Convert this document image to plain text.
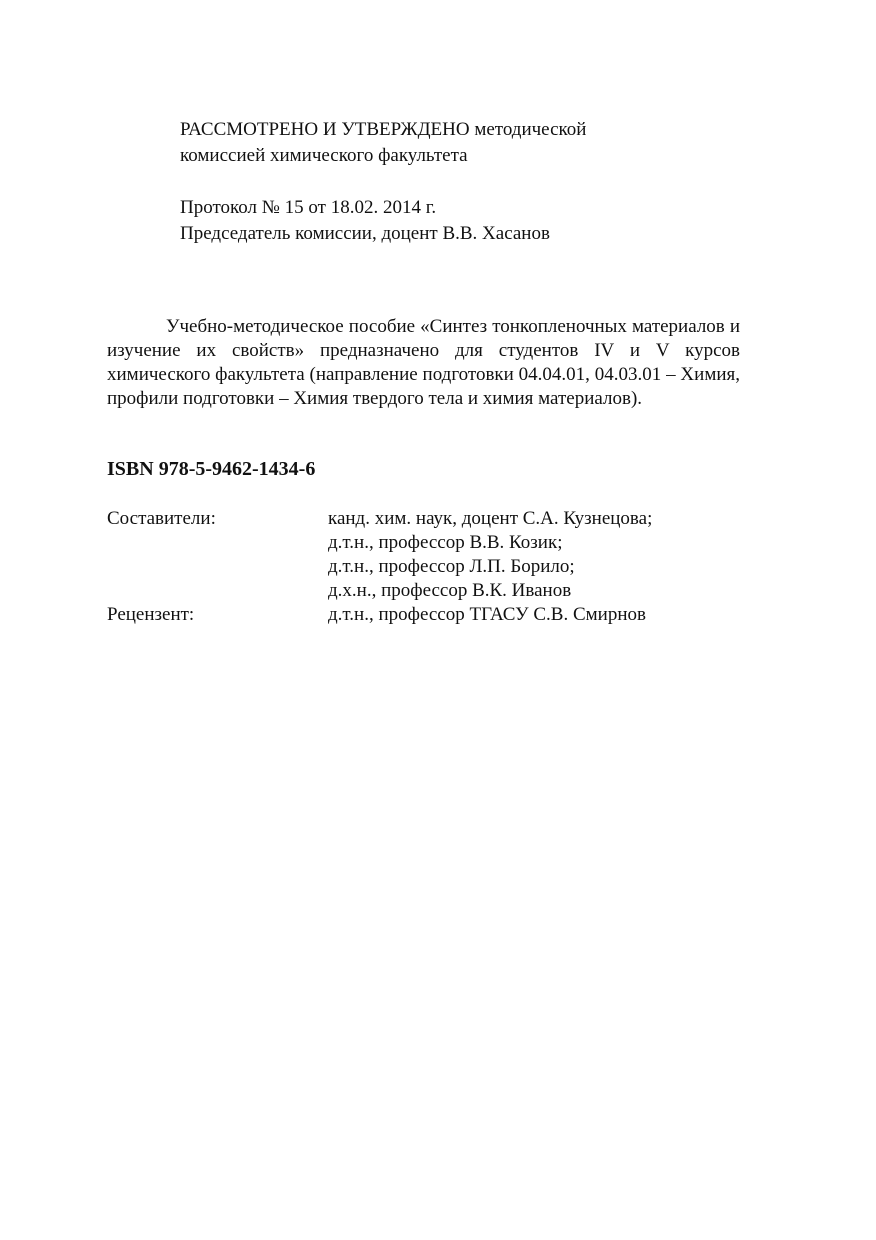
РАССМОТРЕНО И УТВЕРЖДЕНО методической
комиссией химического факультета
Протокол № 15 от 18.02. 2014 г.
Председатель комиссии, доцент В.В. Хасанов

Учебно-методическое пособие «Синтез тонкопленочных материалов и изучение их свойств» предназначено для студентов IV и V курсов химического факультета (направление подготовки 04.04.01, 04.03.01 – Химия, профили подготовки – Химия твердого тела и химия материалов).

ISBN 978-5-9462-1434-6
Составители:	канд. хим. наук, доцент С.А. Кузнецова;
д.т.н., профессор В.В. Козик;
д.т.н., профессор Л.П. Борило;
д.х.н., профессор В.К. Иванов
Рецензент:	д.т.н., профессор ТГАСУ С.В. Смирнов
